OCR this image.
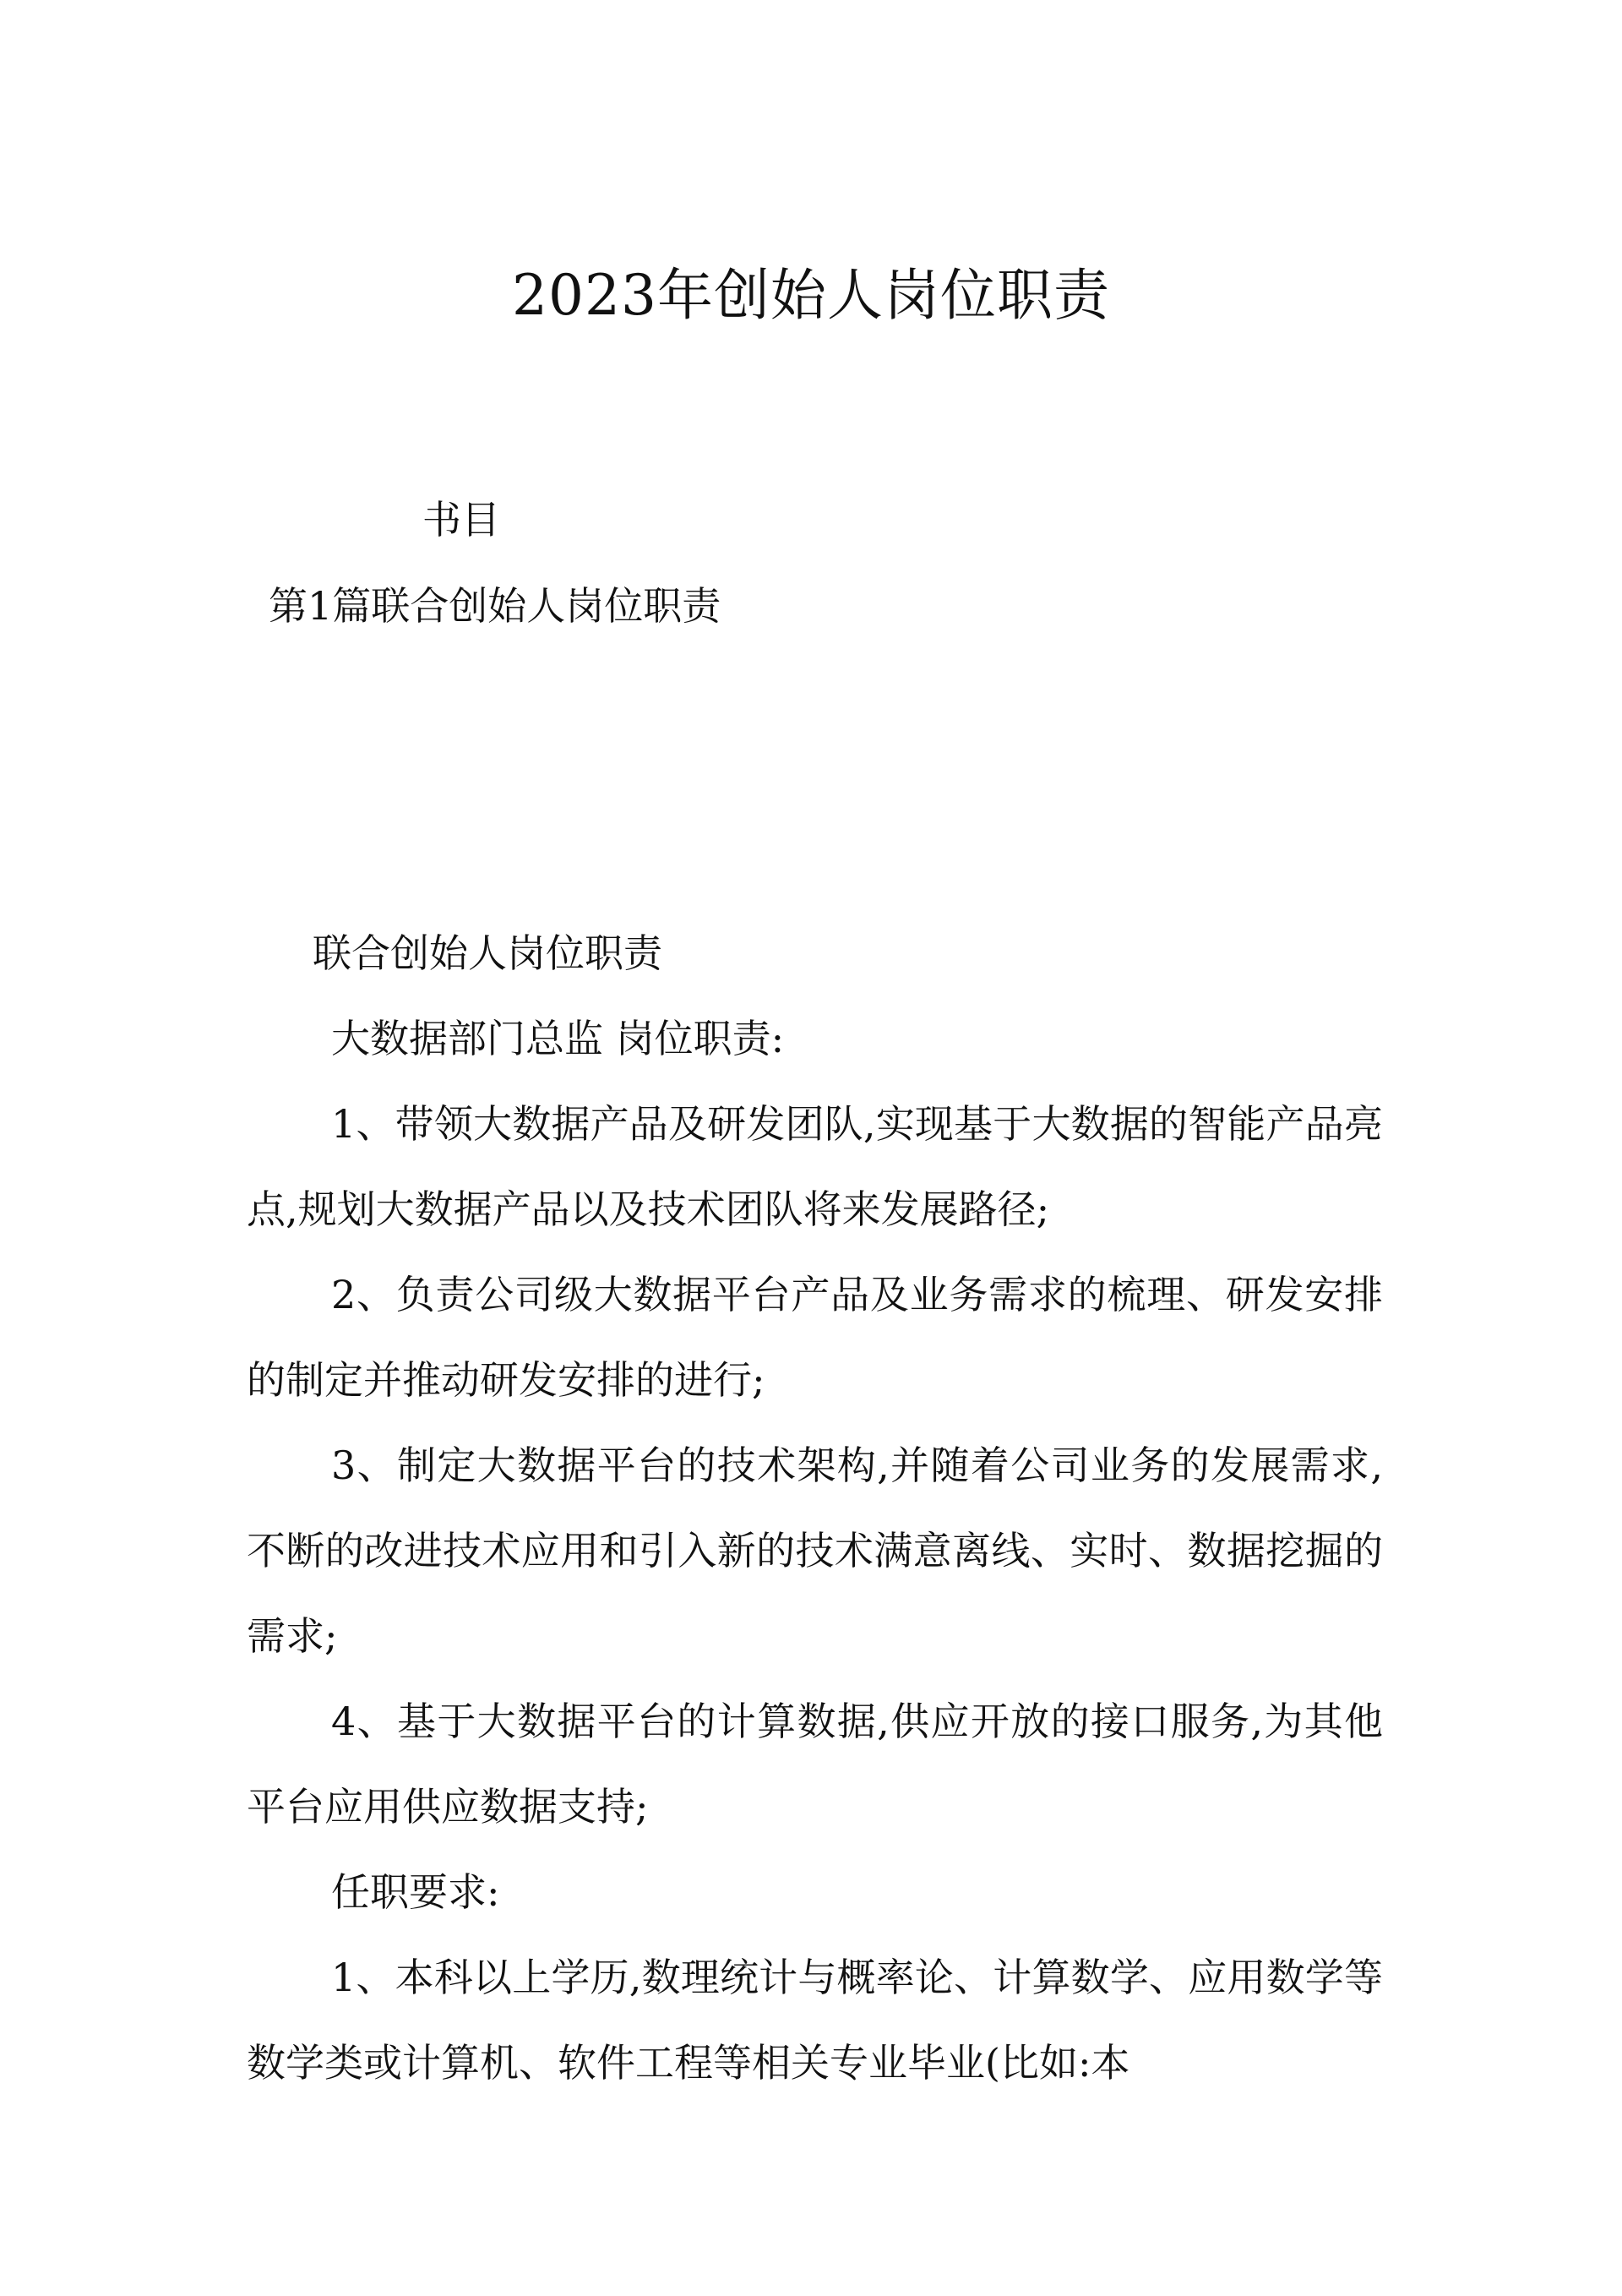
2023年创始人岗位职责
书目
第1篇联合创始人岗位职责

联合创始人岗位职责

大数据部门总监 岗位职责:

1、带领大数据产品及研发团队,实现基于大数据的智能产品亮点,规划大数据产品以及技术团队将来发展路径;

2、负责公司级大数据平台产品及业务需求的梳理、研发安排的制定并推动研发安排的进行;

3、制定大数据平台的技术架构,并随着公司业务的发展需求,不断的改进技术应用和引入新的技术满意离线、实时、数据挖掘的需求;

4、基于大数据平台的计算数据,供应开放的接口服务,为其他平台应用供应数据支持;

任职要求:

1、本科以上学历,数理统计与概率论、计算数学、应用数学等数学类或计算机、软件工程等相关专业毕业(比如:本
